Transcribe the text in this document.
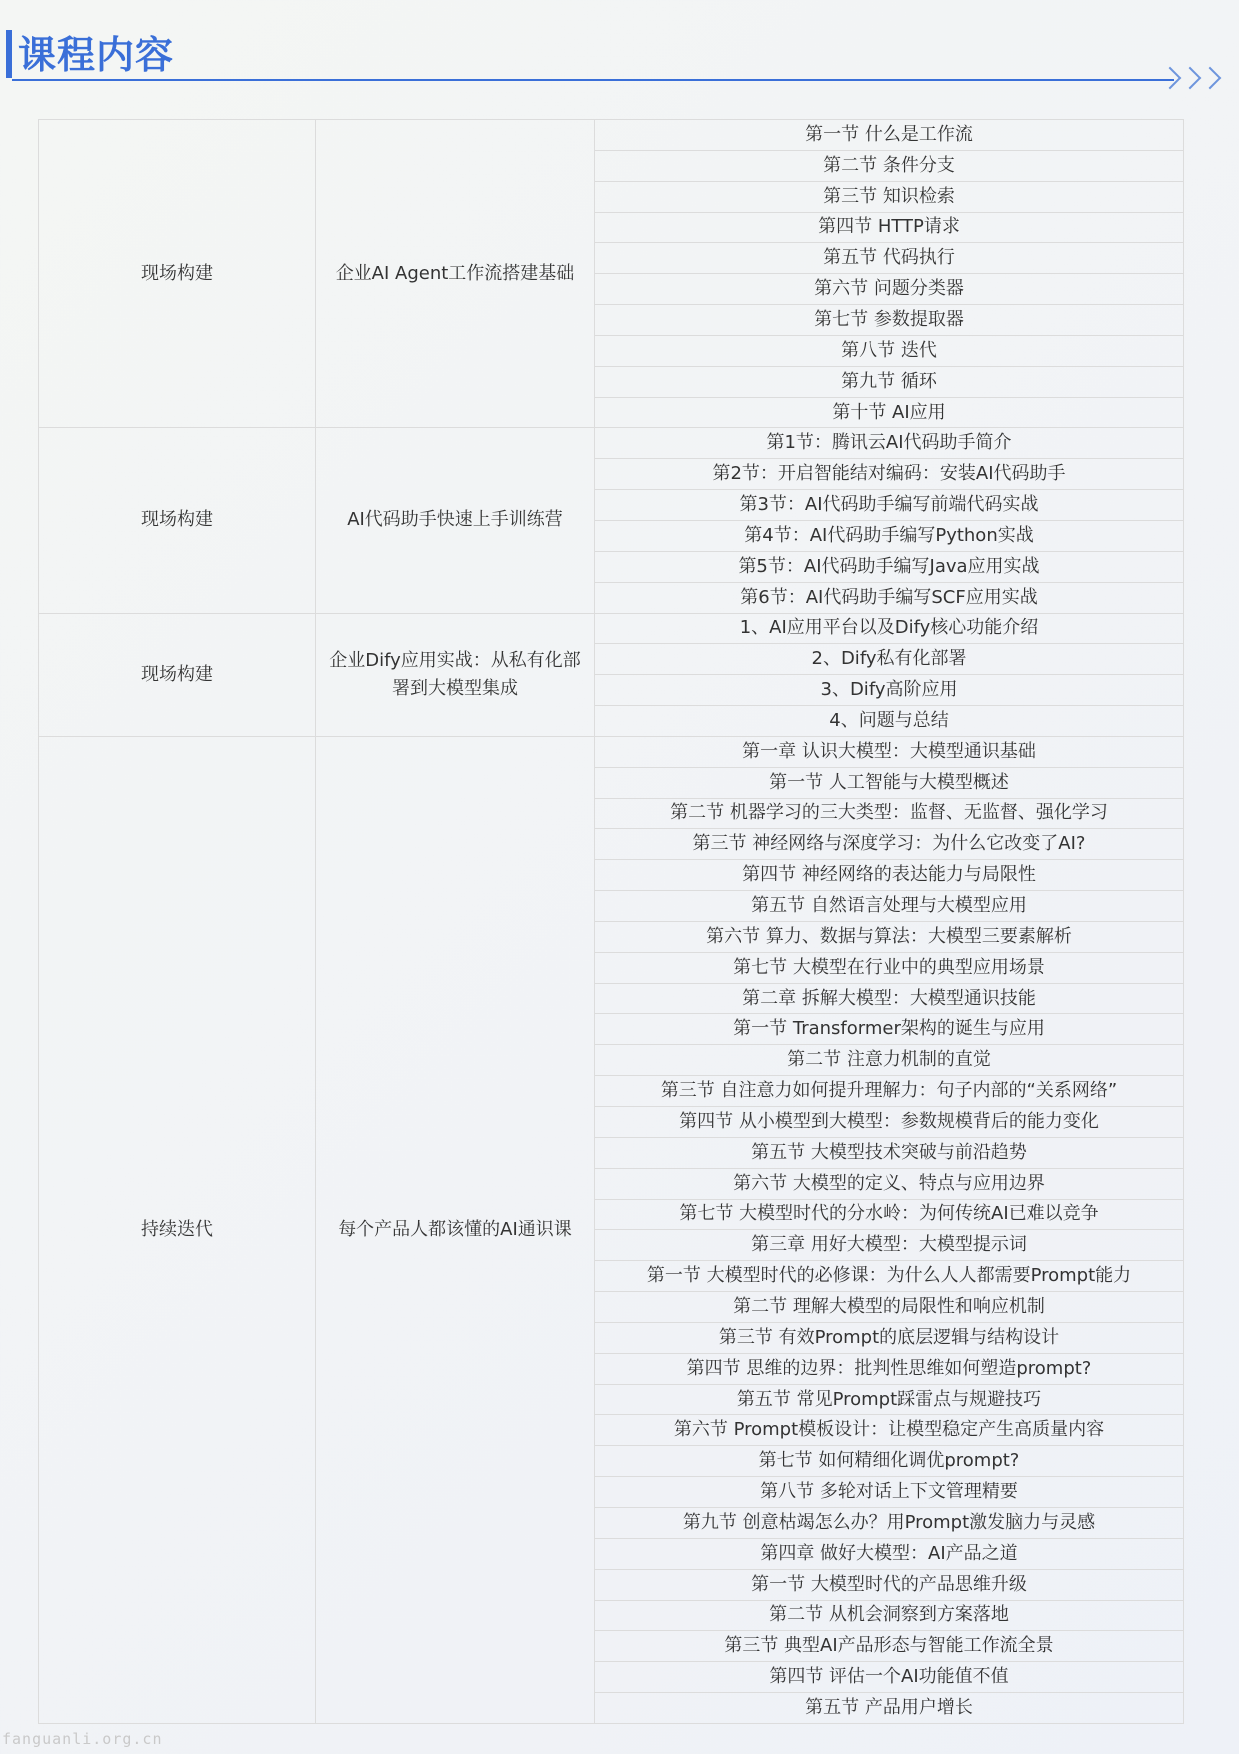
课程内容
现场构建	企业AI Agent工作流搭建基础	第一节 什么是工作流
		第二节 条件分支
		第三节 知识检索
		第四节 HTTP请求
		第五节 代码执行
		第六节 问题分类器
		第七节 参数提取器
		第八节 迭代
		第九节 循环
		第十节 AI应用
现场构建	AI代码助手快速上手训练营	第1节：腾讯云AI代码助手简介
		第2节：开启智能结对编码：安装AI代码助手
		第3节：AI代码助手编写前端代码实战
		第4节：AI代码助手编写Python实战
		第5节：AI代码助手编写Java应用实战
		第6节：AI代码助手编写SCF应用实战
现场构建	企业Dify应用实战：从私有化部署到大模型集成	1、AI应用平台以及Dify核心功能介绍
		2、Dify私有化部署
		3、Dify高阶应用
		4、问题与总结
持续迭代	每个产品人都该懂的AI通识课	第一章 认识大模型：大模型通识基础
		第一节 人工智能与大模型概述
		第二节 机器学习的三大类型：监督、无监督、强化学习
		第三节 神经网络与深度学习：为什么它改变了AI?
		第四节 神经网络的表达能力与局限性
		第五节 自然语言处理与大模型应用
		第六节 算力、数据与算法：大模型三要素解析
		第七节 大模型在行业中的典型应用场景
		第二章 拆解大模型：大模型通识技能
		第一节 Transformer架构的诞生与应用
		第二节 注意力机制的直觉
		第三节 自注意力如何提升理解力：句子内部的“关系网络”
		第四节 从小模型到大模型：参数规模背后的能力变化
		第五节 大模型技术突破与前沿趋势
		第六节 大模型的定义、特点与应用边界
		第七节 大模型时代的分水岭：为何传统AI已难以竞争
		第三章 用好大模型：大模型提示词
		第一节 大模型时代的必修课：为什么人人都需要Prompt能力
		第二节 理解大模型的局限性和响应机制
		第三节 有效Prompt的底层逻辑与结构设计
		第四节 思维的边界：批判性思维如何塑造prompt?
		第五节 常见Prompt踩雷点与规避技巧
		第六节 Prompt模板设计：让模型稳定产生高质量内容
		第七节 如何精细化调优prompt?
		第八节 多轮对话上下文管理精要
		第九节 创意枯竭怎么办？用Prompt激发脑力与灵感
		第四章 做好大模型：AI产品之道
		第一节 大模型时代的产品思维升级
		第二节 从机会洞察到方案落地
		第三节 典型AI产品形态与智能工作流全景
		第四节 评估一个AI功能值不值
		第五节 产品用户增长
fanguanli.org.cn
